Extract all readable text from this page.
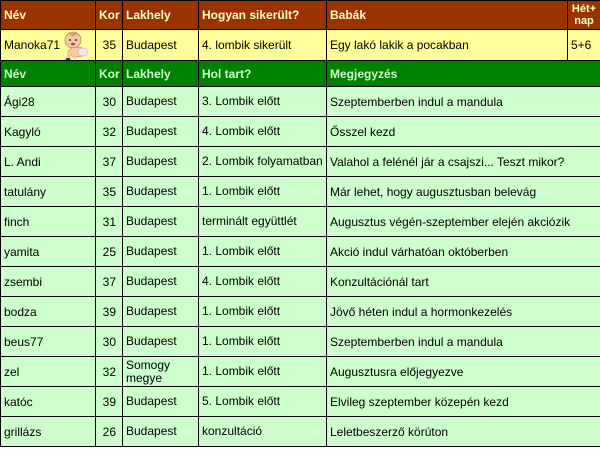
Név	Kor	Lakhely	Hogyan sikerült?	Babák	Hét+ nap
Manoka71	35	Budapest	4. lombik sikerült	Egy lakó lakik a pocakban	5+6
Név	Kor	Lakhely	Hol tart?	Megjegyzés	
Ági28	30	Budapest	3. Lombik előtt	Szeptemberben indul a mandula	
Kagyló	32	Budapest	4. Lombik előtt	Ősszel kezd	
L. Andi	37	Budapest	2. Lombik folyamatban	Valahol a felénél jár a csajszi... Teszt mikor?	
tatulány	35	Budapest	1. Lombik előtt	Már lehet, hogy augusztusban belevág	
finch	31	Budapest	terminált együttlét	Augusztus végén-szeptember elején akciózik	
yamita	25	Budapest	1. Lombik előtt	Akció indul várhatóan októberben	
zsembi	37	Budapest	4. Lombik előtt	Konzultációnál tart	
bodza	39	Budapest	1. Lombik előtt	Jövő héten indul a hormonkezelés	
beus77	30	Budapest	1. Lombik előtt	Szeptemberben indul a mandula	
zel	32	Somogy megye	1. Lombik előtt	Augusztusra előjegyezve	
katóc	39	Budapest	5. Lombik előtt	Elvileg szeptember közepén kezd	
grillázs	26	Budapest	konzultáció	Leletbeszerző körúton	
